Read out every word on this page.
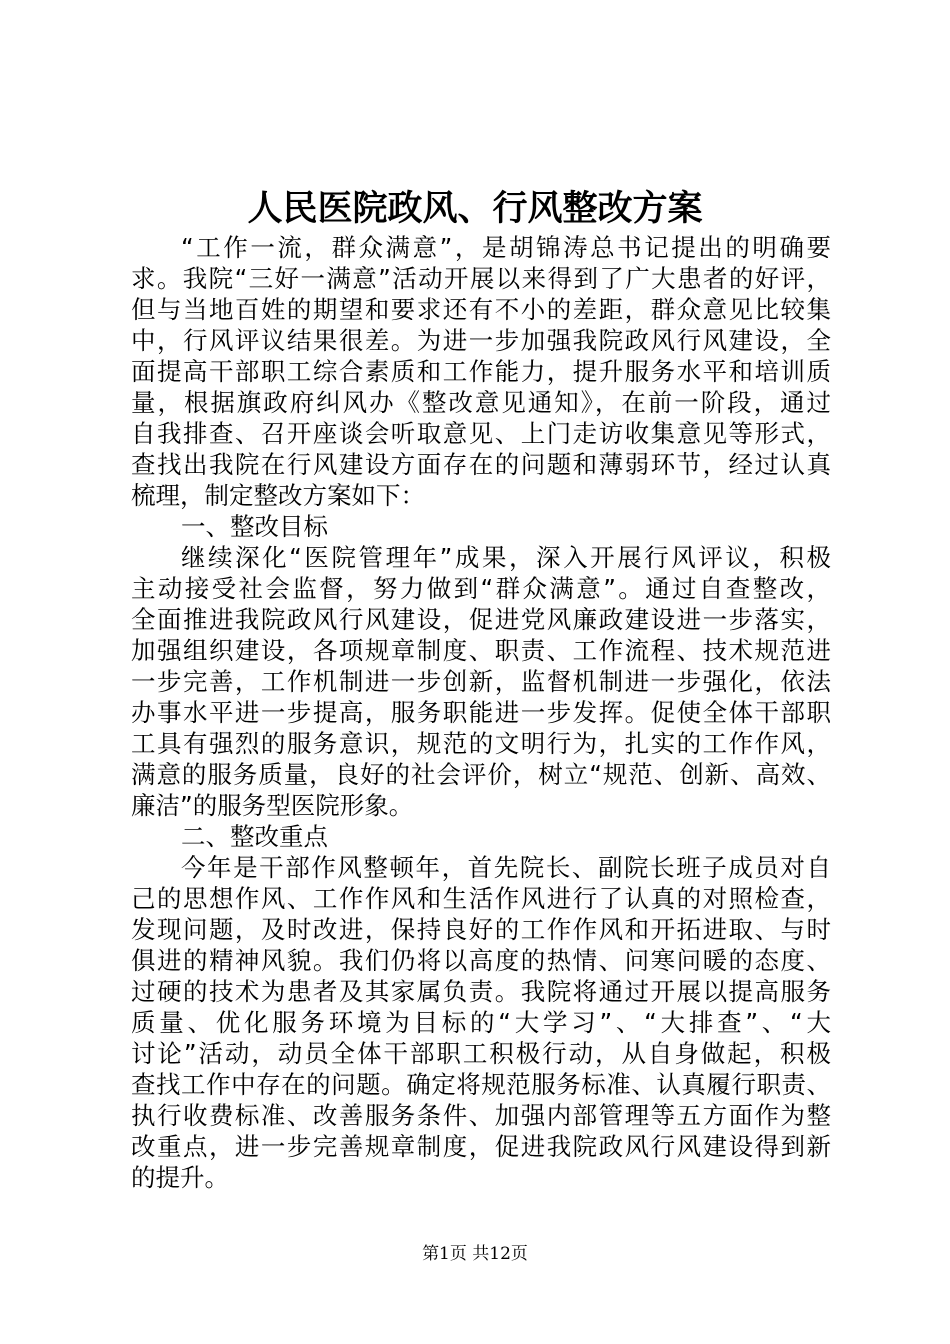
人民医院政风、行风整改方案
“工作一流，群众满意”，是胡锦涛总书记提出的明确要
求。我院“三好一满意”活动开展以来得到了广大患者的好评，
但与当地百姓的期望和要求还有不小的差距，群众意见比较集
中，行风评议结果很差。为进一步加强我院政风行风建设，全
面提高干部职工综合素质和工作能力，提升服务水平和培训质
量，根据旗政府纠风办《整改意见通知》，在前一阶段，通过
自我排查、召开座谈会听取意见、上门走访收集意见等形式，
查找出我院在行风建设方面存在的问题和薄弱环节，经过认真
梳理，制定整改方案如下：
一、整改目标
继续深化“医院管理年”成果，深入开展行风评议，积极
主动接受社会监督，努力做到“群众满意”。通过自查整改，
全面推进我院政风行风建设，促进党风廉政建设进一步落实，
加强组织建设，各项规章制度、职责、工作流程、技术规范进
一步完善，工作机制进一步创新，监督机制进一步强化，依法
办事水平进一步提高，服务职能进一步发挥。促使全体干部职
工具有强烈的服务意识，规范的文明行为，扎实的工作作风，
满意的服务质量，良好的社会评价，树立“规范、创新、高效、
廉洁”的服务型医院形象。
二、整改重点
今年是干部作风整顿年，首先院长、副院长班子成员对自
己的思想作风、工作作风和生活作风进行了认真的对照检查，
发现问题，及时改进，保持良好的工作作风和开拓进取、与时
俱进的精神风貌。我们仍将以高度的热情、问寒问暖的态度、
过硬的技术为患者及其家属负责。我院将通过开展以提高服务
质量、优化服务环境为目标的“大学习”、“大排查”、“大
讨论”活动，动员全体干部职工积极行动，从自身做起，积极
查找工作中存在的问题。确定将规范服务标准、认真履行职责、
执行收费标准、改善服务条件、加强内部管理等五方面作为整
改重点，进一步完善规章制度，促进我院政风行风建设得到新
的提升。
第1页 共12页
